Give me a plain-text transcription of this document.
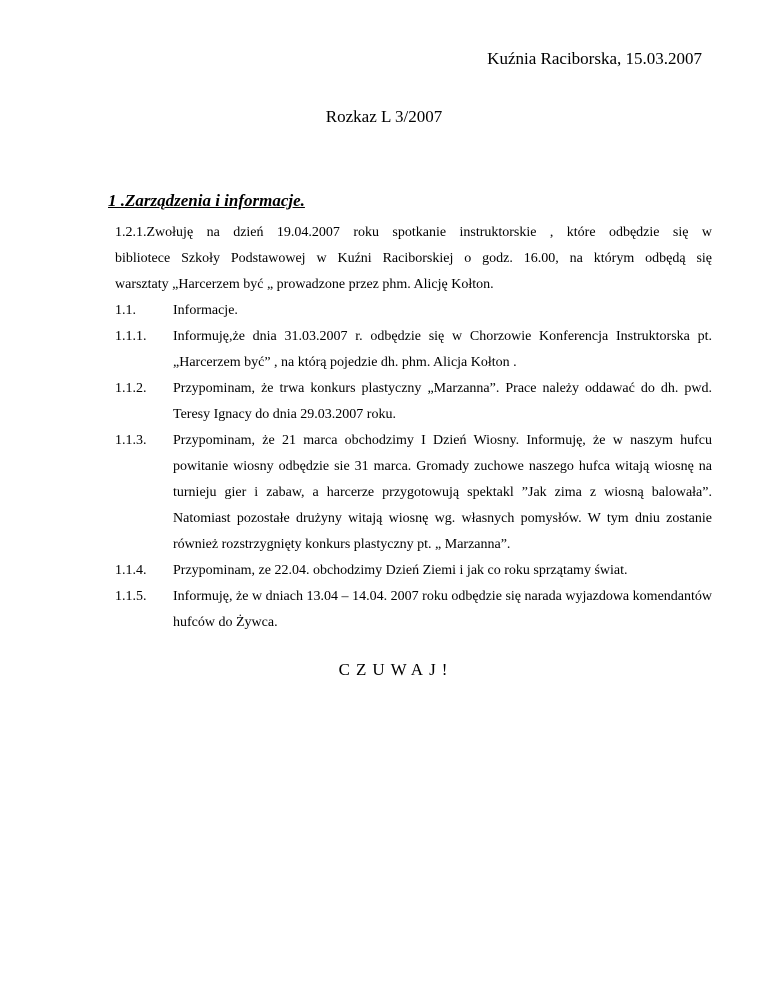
Kuźnia Raciborska, 15.03.2007
Rozkaz L 3/2007
1 .Zarządzenia i informacje.
1.2.1.Zwołuję na dzień 19.04.2007 roku spotkanie instruktorskie , które odbędzie się w
bibliotece Szkoły Podstawowej w Kuźni Raciborskiej o godz. 16.00, na którym odbędą się
warsztaty „Harcerzem być „ prowadzone przez phm. Alicję Kołton.
1.1.	Informacje.
1.1.1.	Informuję,że dnia 31.03.2007 r. odbędzie się w Chorzowie Konferencja Instruktorska pt. „Harcerzem być” , na którą pojedzie dh. phm. Alicja Kołton .
1.1.2.	Przypominam, że trwa konkurs plastyczny „Marzanna”. Prace należy oddawać do dh. pwd. Teresy Ignacy do dnia 29.03.2007 roku.
1.1.3.	Przypominam, że 21 marca obchodzimy I Dzień Wiosny. Informuję, że w naszym hufcu powitanie wiosny odbędzie sie 31 marca. Gromady zuchowe naszego hufca witają wiosnę na turnieju gier i zabaw, a harcerze przygotowują spektakl ”Jak zima z wiosną balowała”. Natomiast pozostałe drużyny witają wiosnę wg. własnych pomysłów. W tym dniu zostanie również rozstrzygnięty konkurs plastyczny pt. „ Marzanna”.
1.1.4.	Przypominam, ze 22.04. obchodzimy Dzień Ziemi i jak co roku sprzątamy świat.
1.1.5.	Informuję, że w dniach 13.04 – 14.04. 2007 roku odbędzie się narada wyjazdowa komendantów hufców do Żywca.
CZUWAJ!
